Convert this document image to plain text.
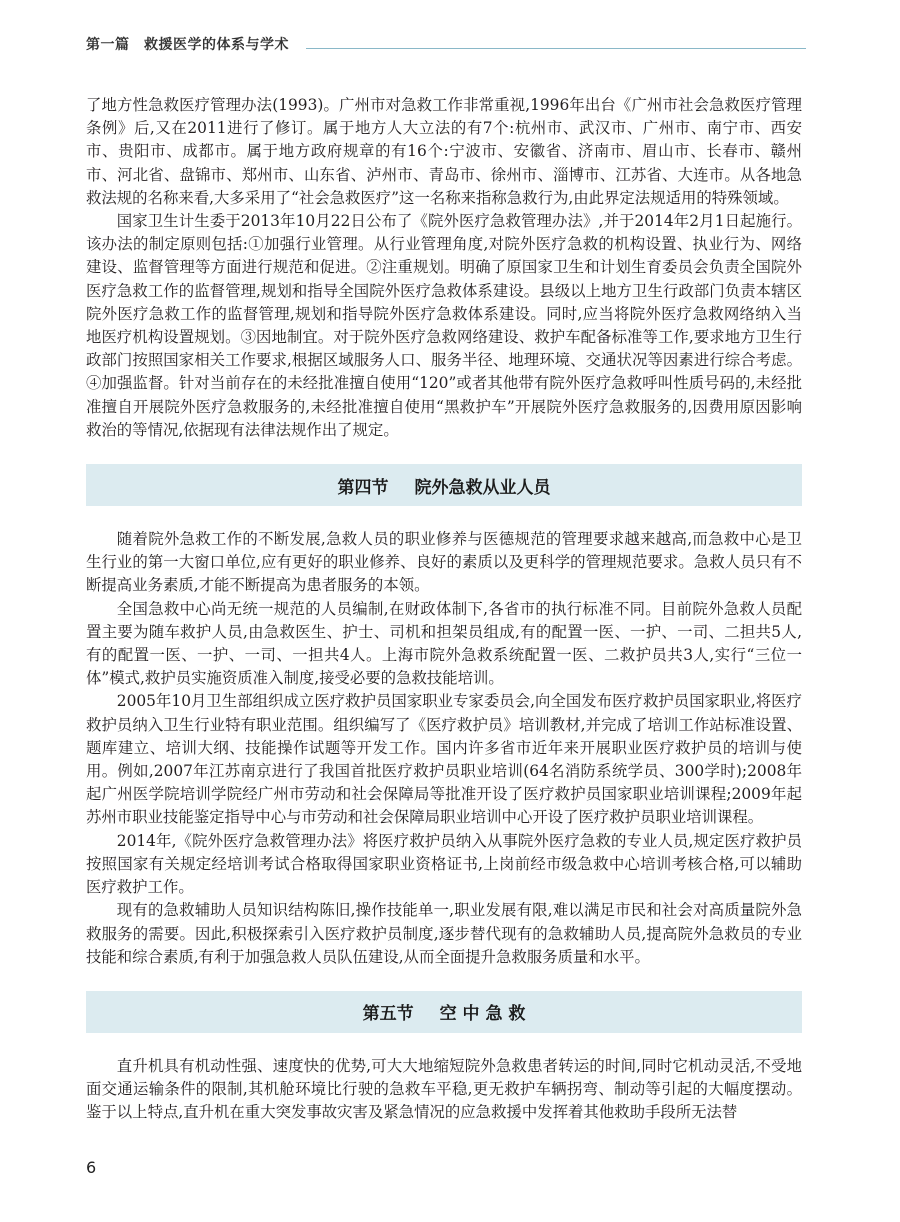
第一篇　救援医学的体系与学术

了地方性急救医疗管理办法(1993)。广州市对急救工作非常重视,1996年出台《广州市社会急救医疗管理条例》后,又在2011进行了修订。属于地方人大立法的有7个:杭州市、武汉市、广州市、南宁市、西安市、贵阳市、成都市。属于地方政府规章的有16个:宁波市、安徽省、济南市、眉山市、长春市、赣州市、河北省、盘锦市、郑州市、山东省、泸州市、青岛市、徐州市、淄博市、江苏省、大连市。从各地急救法规的名称来看,大多采用了“社会急救医疗”这一名称来指称急救行为,由此界定法规适用的特殊领域。

国家卫生计生委于2013年10月22日公布了《院外医疗急救管理办法》,并于2014年2月1日起施行。该办法的制定原则包括:①加强行业管理。从行业管理角度,对院外医疗急救的机构设置、执业行为、网络建设、监督管理等方面进行规范和促进。②注重规划。明确了原国家卫生和计划生育委员会负责全国院外医疗急救工作的监督管理,规划和指导全国院外医疗急救体系建设。县级以上地方卫生行政部门负责本辖区院外医疗急救工作的监督管理,规划和指导院外医疗急救体系建设。同时,应当将院外医疗急救网络纳入当地医疗机构设置规划。③因地制宜。对于院外医疗急救网络建设、救护车配备标准等工作,要求地方卫生行政部门按照国家相关工作要求,根据区域服务人口、服务半径、地理环境、交通状况等因素进行综合考虑。④加强监督。针对当前存在的未经批准擅自使用“120”或者其他带有院外医疗急救呼叫性质号码的,未经批准擅自开展院外医疗急救服务的,未经批准擅自使用“黑救护车”开展院外医疗急救服务的,因费用原因影响救治的等情况,依据现有法律法规作出了规定。

第四节 院外急救从业人员

随着院外急救工作的不断发展,急救人员的职业修养与医德规范的管理要求越来越高,而急救中心是卫生行业的第一大窗口单位,应有更好的职业修养、良好的素质以及更科学的管理规范要求。急救人员只有不断提高业务素质,才能不断提高为患者服务的本领。

全国急救中心尚无统一规范的人员编制,在财政体制下,各省市的执行标准不同。目前院外急救人员配置主要为随车救护人员,由急救医生、护士、司机和担架员组成,有的配置一医、一护、一司、二担共5人,有的配置一医、一护、一司、一担共4人。上海市院外急救系统配置一医、二救护员共3人,实行“三位一体”模式,救护员实施资质准入制度,接受必要的急救技能培训。

2005年10月卫生部组织成立医疗救护员国家职业专家委员会,向全国发布医疗救护员国家职业,将医疗救护员纳入卫生行业特有职业范围。组织编写了《医疗救护员》培训教材,并完成了培训工作站标准设置、题库建立、培训大纲、技能操作试题等开发工作。国内许多省市近年来开展职业医疗救护员的培训与使用。例如,2007年江苏南京进行了我国首批医疗救护员职业培训(64名消防系统学员、300学时);2008年起广州医学院培训学院经广州市劳动和社会保障局等批准开设了医疗救护员国家职业培训课程;2009年起苏州市职业技能鉴定指导中心与市劳动和社会保障局职业培训中心开设了医疗救护员职业培训课程。

2014年,《院外医疗急救管理办法》将医疗救护员纳入从事院外医疗急救的专业人员,规定医疗救护员按照国家有关规定经培训考试合格取得国家职业资格证书,上岗前经市级急救中心培训考核合格,可以辅助医疗救护工作。

现有的急救辅助人员知识结构陈旧,操作技能单一,职业发展有限,难以满足市民和社会对高质量院外急救服务的需要。因此,积极探索引入医疗救护员制度,逐步替代现有的急救辅助人员,提高院外急救员的专业技能和综合素质,有利于加强急救人员队伍建设,从而全面提升急救服务质量和水平。

第五节 空 中 急 救

直升机具有机动性强、速度快的优势,可大大地缩短院外急救患者转运的时间,同时它机动灵活,不受地面交通运输条件的限制,其机舱环境比行驶的急救车平稳,更无救护车辆拐弯、制动等引起的大幅度摆动。鉴于以上特点,直升机在重大突发事故灾害及紧急情况的应急救援中发挥着其他救助手段所无法替

6
